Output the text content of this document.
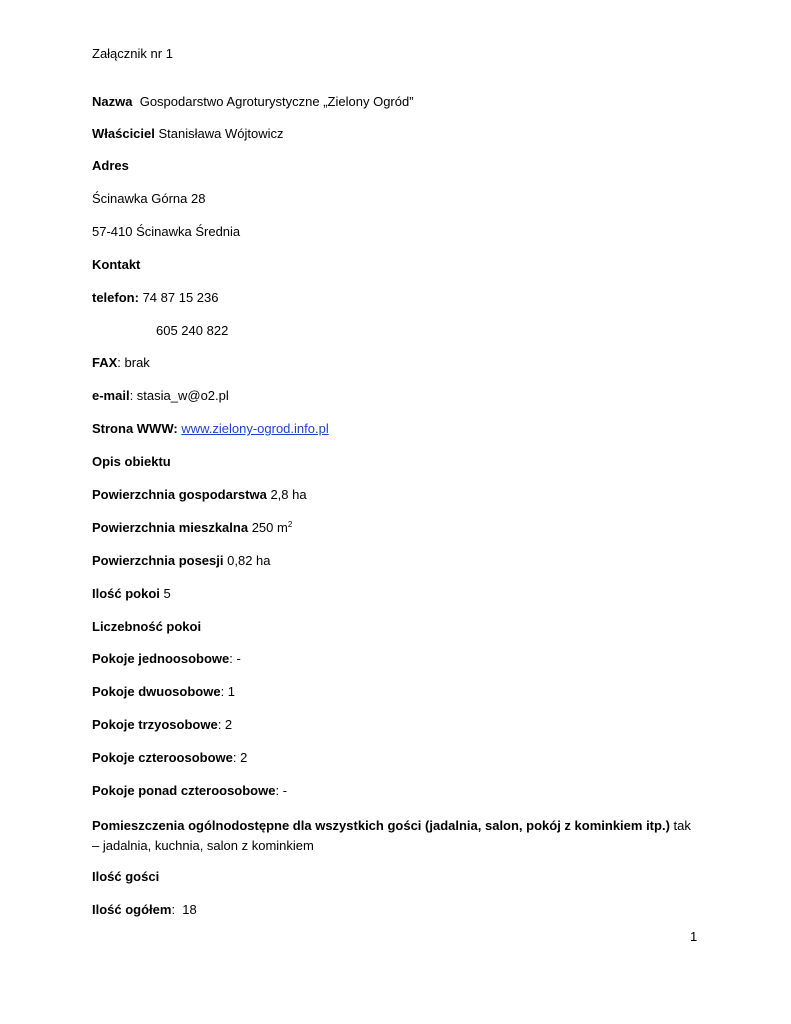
Załącznik nr 1
Nazwa Gospodarstwo Agroturystyczne „Zielony Ogród”
Właściciel Stanisława Wójtowicz
Adres
Ścinawka Górna 28
57-410 Ścinawka Średnia
Kontakt
telefon: 74 87 15 236
605 240 822
FAX: brak
e-mail: stasia_w@o2.pl
Strona WWW: www.zielony-ogrod.info.pl
Opis obiektu
Powierzchnia gospodarstwa 2,8 ha
Powierzchnia mieszkalna 250 $m^2$
Powierzchnia posesji 0,82 ha
Ilość pokoi 5
Liczebność pokoi
Pokoje jednoosobowe: -
Pokoje dwuosobowe: 1
Pokoje trzyosobowe: 2
Pokoje czteroosobowe: 2
Pokoje ponad czteroosobowe: -
Pomieszczenia ogólnodostępne dla wszystkich gości (jadalnia, salon, pokój z kominkiem itp.) tak – jadalnia, kuchnia, salon z kominkiem
Ilość gości
Ilość ogółem:  18
1
